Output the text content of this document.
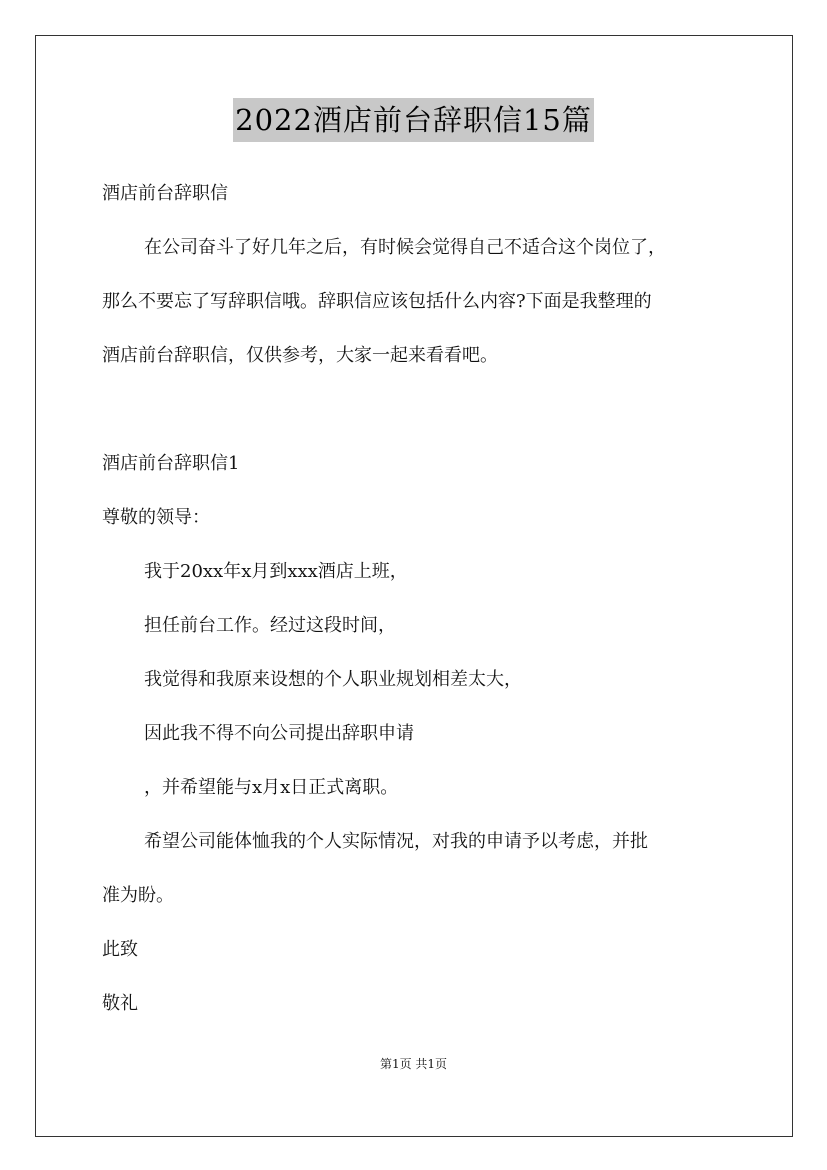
2022酒店前台辞职信15篇
酒店前台辞职信
在公司奋斗了好几年之后，有时候会觉得自己不适合这个岗位了，
那么不要忘了写辞职信哦。辞职信应该包括什么内容?下面是我整理的
酒店前台辞职信，仅供参考，大家一起来看看吧。
酒店前台辞职信1
尊敬的领导：
我于20xx年x月到xxx酒店上班，
担任前台工作。经过这段时间，
我觉得和我原来设想的个人职业规划相差太大，
因此我不得不向公司提出辞职申请
，并希望能与x月x日正式离职。
希望公司能体恤我的个人实际情况，对我的申请予以考虑，并批
准为盼。
此致
敬礼
第1页 共1页
